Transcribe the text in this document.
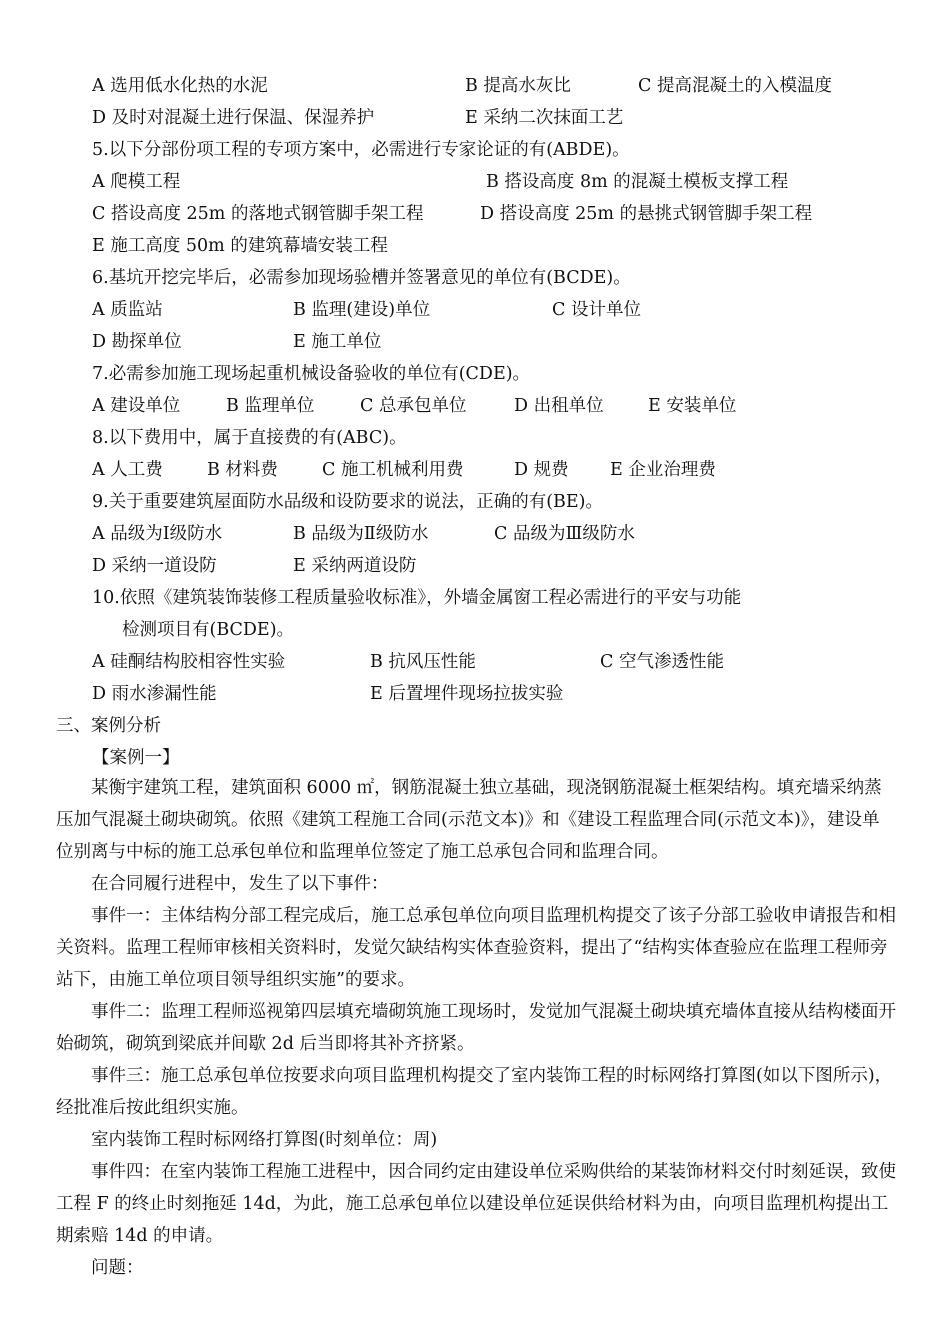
A 选用低水化热的水泥	B 提高水灰比	C 提高混凝土的入模温度
D 及时对混凝土进行保温、保湿养护	E 采纳二次抹面工艺
5.以下分部份项工程的专项方案中，必需进行专家论证的有(ABDE)。
A 爬模工程	B 搭设高度 8m 的混凝土模板支撑工程
C 搭设高度 25m 的落地式钢管脚手架工程	D 搭设高度 25m 的悬挑式钢管脚手架工程
E 施工高度 50m 的建筑幕墙安装工程
6.基坑开挖完毕后，必需参加现场验槽并签署意见的单位有(BCDE)。
A 质监站	B 监理(建设)单位	C 设计单位
D 勘探单位	E 施工单位
7.必需参加施工现场起重机械设备验收的单位有(CDE)。
A 建设单位	B 监理单位	C 总承包单位	D 出租单位	E 安装单位
8.以下费用中，属于直接费的有(ABC)。
A 人工费	B 材料费	C 施工机械利用费	D 规费 E 企业治理费
9.关于重要建筑屋面防水品级和设防要求的说法，正确的有(BE)。
A 品级为Ⅰ级防水	B 品级为Ⅱ级防水	C 品级为Ⅲ级防水
D 采纳一道设防	E 采纳两道设防
10.依照《建筑装饰装修工程质量验收标准》，外墙金属窗工程必需进行的平安与功能
检测项目有(BCDE)。
A 硅酮结构胶相容性实验	B 抗风压性能	C 空气渗透性能
D 雨水渗漏性能	E 后置埋件现场拉拔实验
三、案例分析
【案例一】
某衡宇建筑工程，建筑面积 6000 ㎡，钢筋混凝土独立基础，现浇钢筋混凝土框架结构。填充墙采纳蒸压加气混凝土砌块砌筑。依照《建筑工程施工合同(示范文本)》和《建设工程监理合同(示范文本)》，建设单位别离与中标的施工总承包单位和监理单位签定了施工总承包合同和监理合同。
在合同履行进程中，发生了以下事件：
事件一：主体结构分部工程完成后，施工总承包单位向项目监理机构提交了该子分部工验收申请报告和相关资料。监理工程师审核相关资料时，发觉欠缺结构实体查验资料，提出了“结构实体查验应在监理工程师旁站下，由施工单位项目领导组织实施”的要求。
事件二：监理工程师巡视第四层填充墙砌筑施工现场时，发觉加气混凝土砌块填充墙体直接从结构楼面开始砌筑，砌筑到梁底并间歇 2d 后当即将其补齐挤紧。
事件三：施工总承包单位按要求向项目监理机构提交了室内装饰工程的时标网络打算图(如以下图所示)，经批准后按此组织实施。
室内装饰工程时标网络打算图(时刻单位：周)
事件四：在室内装饰工程施工进程中，因合同约定由建设单位采购供给的某装饰材料交付时刻延误，致使工程 F 的终止时刻拖延 14d，为此，施工总承包单位以建设单位延误供给材料为由，向项目监理机构提出工期索赔 14d 的申请。
问题：
